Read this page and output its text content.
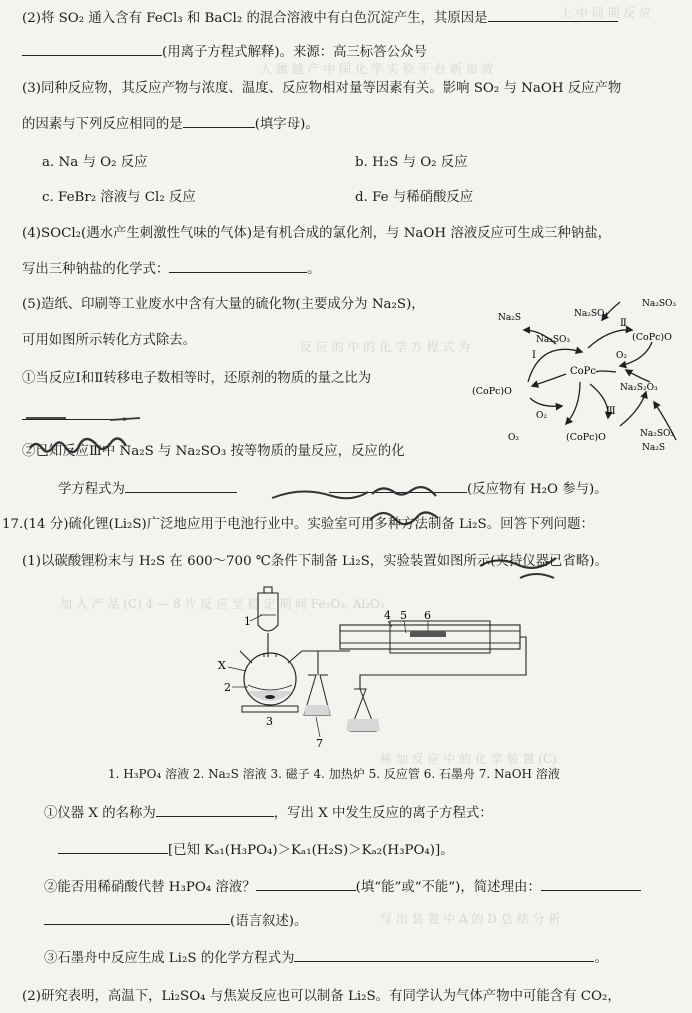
上 中 同 期 反 应
人 属 越 产 中 国 化 学 实 验 平 台 新 加 液
反 应 的 中 的 化 学 方 程 式 为
加 入 产 品 (C) 4 — 8 片 反 应 至 稳 定 期 间 Fe₂O₃, Al₂O₃
稀 加 反 应 中 的 化 学 装 置 (C)
写 出 装 置 中 A 的 D 总 结 分 析
(2)将 SO₂ 通入含有 FeCl₃ 和 BaCl₂ 的混合溶液中有白色沉淀产生，其原因是
(用离子方程式解释)。来源：高三标答公众号
(3)同种反应物，其反应产物与浓度、温度、反应物相对量等因素有关。影响 SO₂ 与 NaOH 反应产物
的因素与下列反应相同的是	(填字母)。
a. Na 与 O₂ 反应	b. H₂S 与 O₂ 反应
c. FeBr₂ 溶液与 Cl₂ 反应	d. Fe 与稀硝酸反应
(4)SOCl₂(遇水产生刺激性气味的气体)是有机合成的氯化剂，与 NaOH 溶液反应可生成三种钠盐，
写出三种钠盐的化学式：	。
(5)造纸、印刷等工业废水中含有大量的硫化物(主要成分为 Na₂S)，
可用如图所示转化方式除去。
①当反应Ⅰ和Ⅱ转移电子数相等时，还原剂的物质的量之比为
。
②已知反应Ⅲ中 Na₂S 与 Na₂SO₃ 按等物质的量反应，反应的化
学方程式为	(反应物有 H₂O 参与)。
CoPc
(CoPc)O
(CoPc)O
(CoPc)O
Na₂S
Na₂SO₃
Na₂SO₄
Na₂SO₃
O₂
O₂
O₂
Na₂S₂O₃
Na₂SO₃
Na₂S
Ⅰ
Ⅱ
Ⅲ
17.(14 分)硫化锂(Li₂S)广泛地应用于电池行业中。实验室可用多种方法制备 Li₂S。回答下列问题：
(1)以碳酸锂粉末与 H₂S 在 600～700 ℃条件下制备 Li₂S，实验装置如图所示(夹持仪器已省略)。
1
2
3
4 5 6
7
X
1. H₃PO₄ 溶液 2. Na₂S 溶液 3. 磁子 4. 加热炉 5. 反应管 6. 石墨舟 7. NaOH 溶液
①仪器 X 的名称为	，写出 X 中发生反应的离子方程式：
[已知 Kₐ₁(H₃PO₄)＞Kₐ₁(H₂S)＞Kₐ₂(H₃PO₄)]。
②能否用稀硝酸代替 H₃PO₄ 溶液？	(填“能”或“不能”)，简述理由：
(语言叙述)。
③石墨舟中反应生成 Li₂S 的化学方程式为	。
(2)研究表明，高温下，Li₂SO₄ 与焦炭反应也可以制备 Li₂S。有同学认为气体产物中可能含有 CO₂，
